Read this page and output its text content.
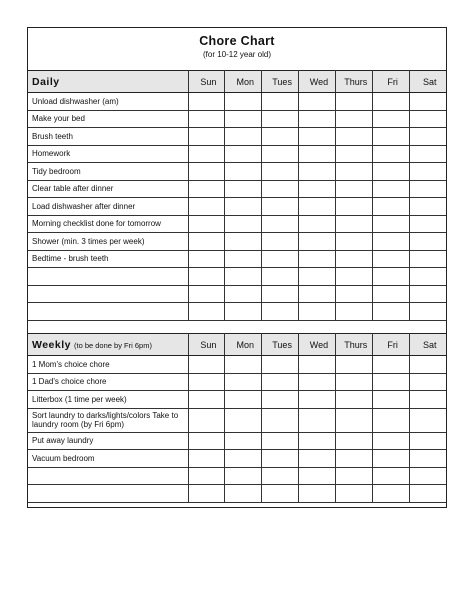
Chore Chart
(for 10-12 year old)
Daily	Sun	Mon	Tues	Wed	Thurs	Fri	Sat
Unload dishwasher (am)							
Make your bed							
Brush teeth							
Homework							
Tidy bedroom							
Clear table after dinner							
Load dishwasher after dinner							
Morning checklist done for tomorrow							
Shower (min. 3 times per week)							
Bedtime - brush teeth							

Weekly (to be done by Fri 6pm)	Sun	Mon	Tues	Wed	Thurs	Fri	Sat
1 Mom's choice chore							
1 Dad's choice chore							
Litterbox (1 time per week)							
Sort laundry to darks/lights/colors Take to laundry room (by Fri 6pm)							
Put away laundry							
Vacuum bedroom							
